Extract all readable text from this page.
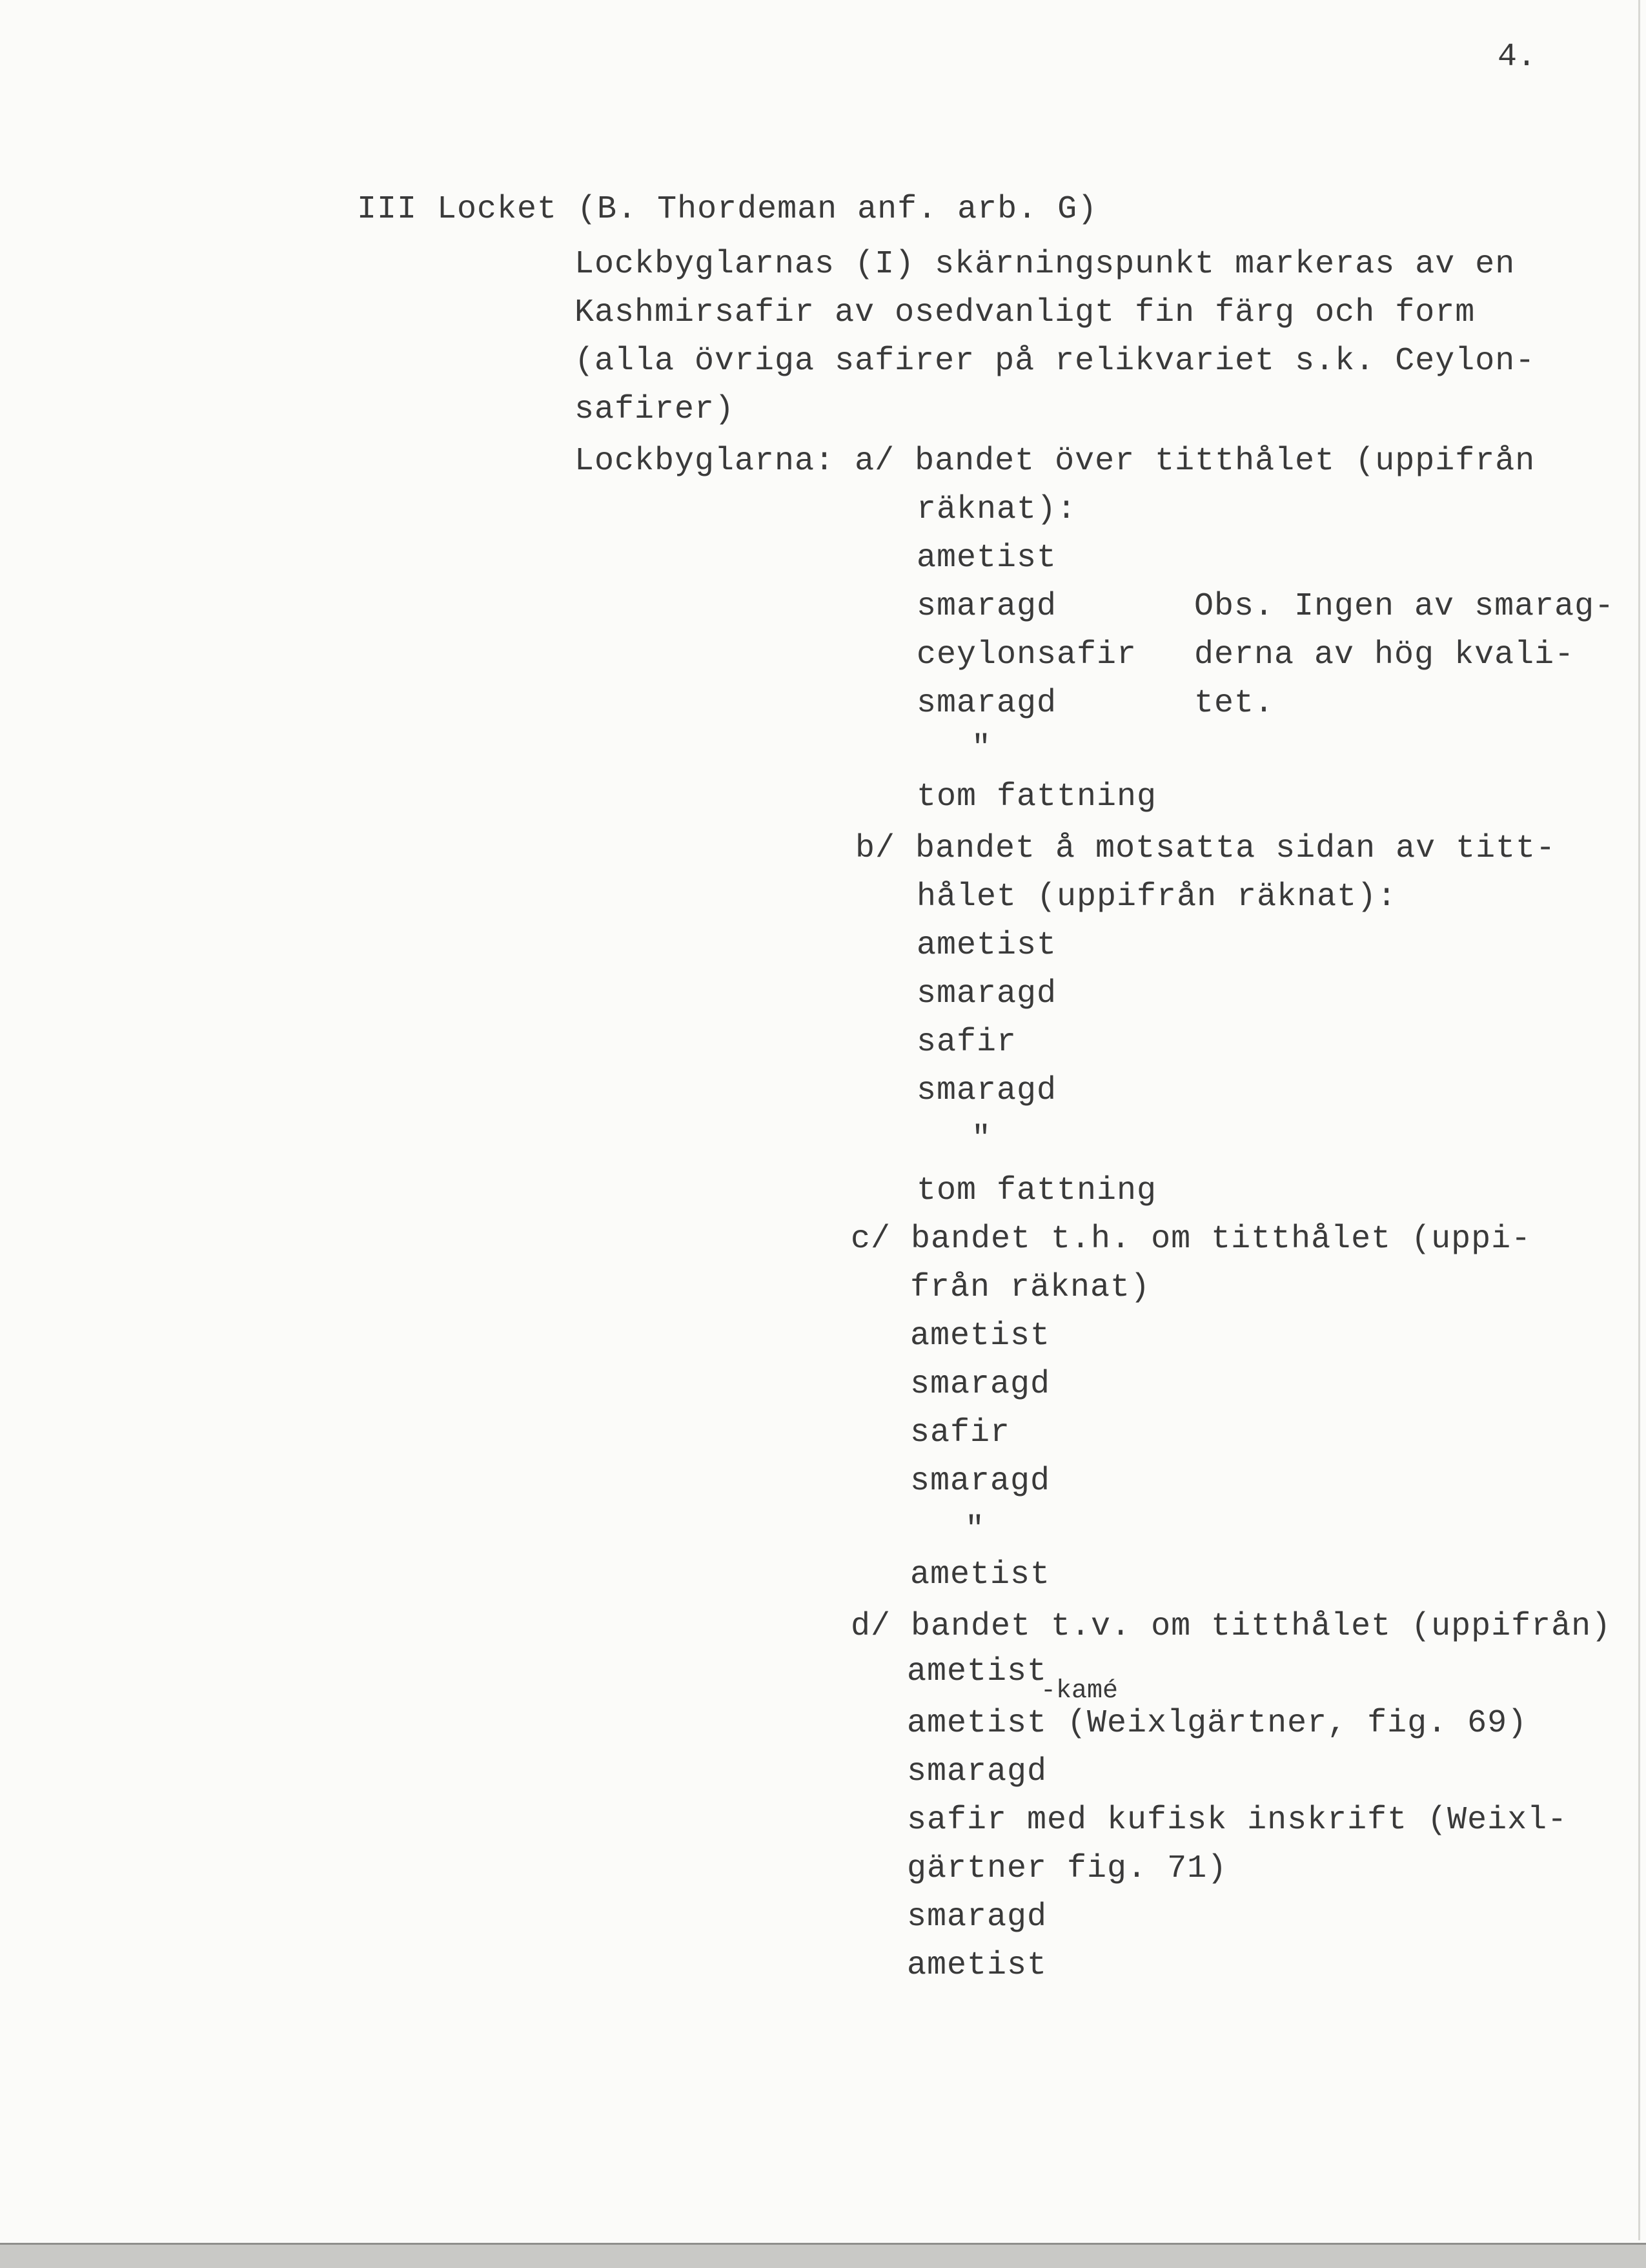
4.
III Locket (B. Thordeman anf. arb. G)
Lockbyglarnas (I) skärningspunkt markeras av en
Kashmirsafir av osedvanligt fin färg och form
(alla övriga safirer på relikvariet s.k. Ceylon-
safirer)
Lockbyglarna: a/ bandet över titthålet (uppifrån
räknat):
ametist
smaragd
ceylonsafir
smaragd
"
tom fattning
Obs. Ingen av smarag-
derna av hög kvali-
tet.
b/ bandet å motsatta sidan av titt-
hålet (uppifrån räknat):
ametist
smaragd
safir
smaragd
"
tom fattning
c/ bandet t.h. om titthålet (uppi-
från räknat)
ametist
smaragd
safir
smaragd
"
ametist
d/ bandet t.v. om titthålet (uppifrån)
ametist
-kamé
ametist (Weixlgärtner, fig. 69)
smaragd
safir med kufisk inskrift (Weixl-
gärtner fig. 71)
smaragd
ametist
